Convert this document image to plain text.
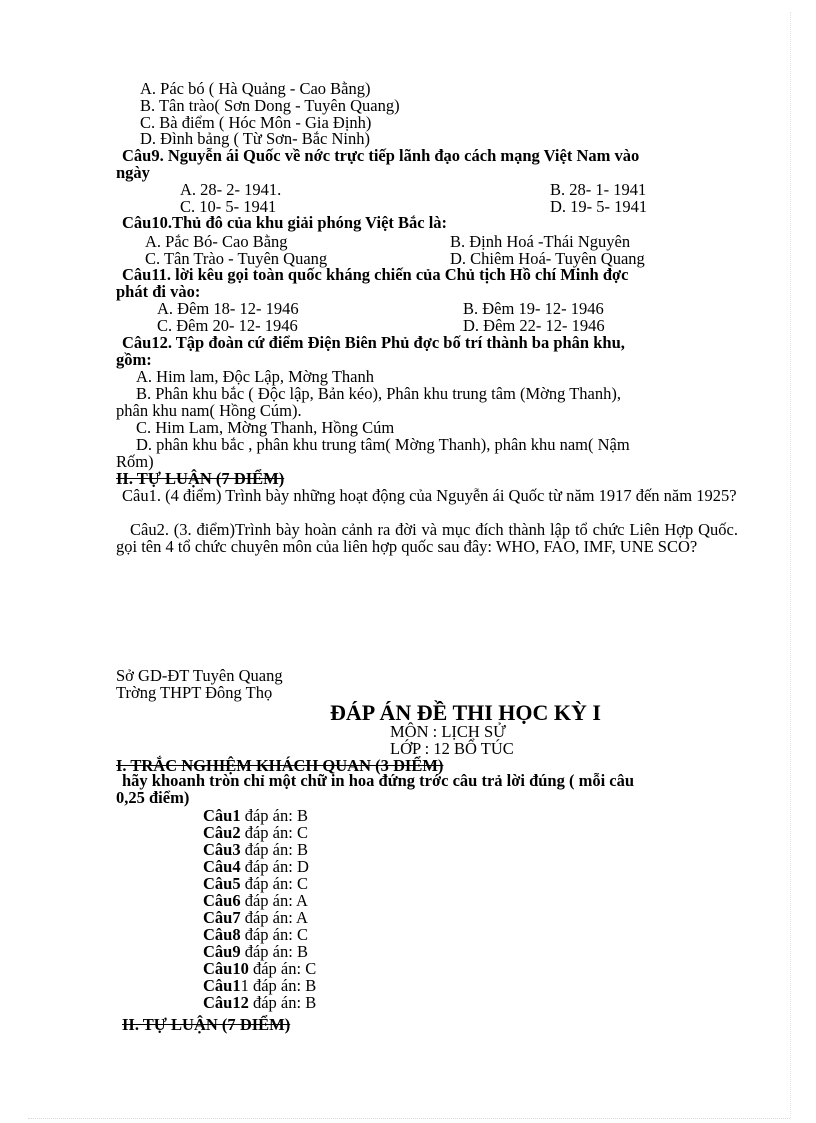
A. Pác bó ( Hà Quảng - Cao Bằng)
B. Tân trào( Sơn Dong - Tuyên Quang)
C. Bà điểm ( Hóc Môn - Gia Định)
D. Đình bảng ( Từ Sơn- Bắc Ninh)
Câu9. Nguyễn ái Quốc về nớc trực tiếp lãnh đạo cách mạng Việt Nam vào
ngày
A. 28- 2- 1941.	B. 28- 1- 1941
C. 10- 5- 1941	D. 19- 5- 1941
Câu10.Thủ đô của khu giải phóng Việt Bắc là:
A. Pắc Bó- Cao Bằng	B. Định Hoá -Thái Nguyên
C. Tân Trào - Tuyên Quang	D. Chiêm Hoá- Tuyên Quang
Câu11. lời kêu gọi toàn quốc kháng chiến của Chủ tịch Hồ chí Minh đợc
phát đi vào:
A. Đêm 18- 12- 1946	B. Đêm 19- 12- 1946
C. Đêm 20- 12- 1946	D. Đêm 22- 12- 1946
Câu12. Tập đoàn cứ điểm Điện Biên Phủ đợc bố trí thành ba phân khu,
gồm:
A. Him lam, Độc Lập, Mờng Thanh
B. Phân khu bắc ( Độc lập, Bản kéo), Phân khu trung tâm (Mờng Thanh),
phân khu nam( Hồng Cúm).
C. Him Lam, Mờng Thanh, Hồng Cúm
D. phân khu bắc , phân khu trung tâm( Mờng Thanh), phân khu nam( Nậm
Rốm)
II. TỰ LUẬN (7 ĐIỂM)
Câu1. (4 điểm) Trình bày những hoạt động của Nguyễn ái Quốc từ năm 1917 đến năm 1925?
Câu2. (3. điểm)Trình bày hoàn cảnh ra đời và mục đích thành lập tổ chức Liên Hợp Quốc. gọi tên 4 tổ chức chuyên môn của liên hợp quốc sau đây: WHO, FAO, IMF, UNE SCO?
Sở GD-ĐT Tuyên Quang
Trờng THPT Đông Thọ
ĐÁP ÁN ĐỀ THI HỌC KỲ I
MÔN : LỊCH SỬ
LỚP : 12 BỔ TÚC
I. TRẮC NGHIỆM KHÁCH QUAN (3 ĐIỂM)
hãy khoanh tròn chỉ một chữ in hoa đứng trớc câu trả lời đúng ( mỗi câu
0,25 điểm)
Câu1 đáp án: B
Câu2 đáp án: C
Câu3 đáp án: B
Câu4 đáp án: D
Câu5 đáp án: C
Câu6 đáp án: A
Câu7 đáp án: A
Câu8 đáp án: C
Câu9 đáp án: B
Câu10 đáp án: C
Câu11 đáp án: B
Câu12 đáp án: B
II. TỰ LUẬN (7 ĐIỂM)
